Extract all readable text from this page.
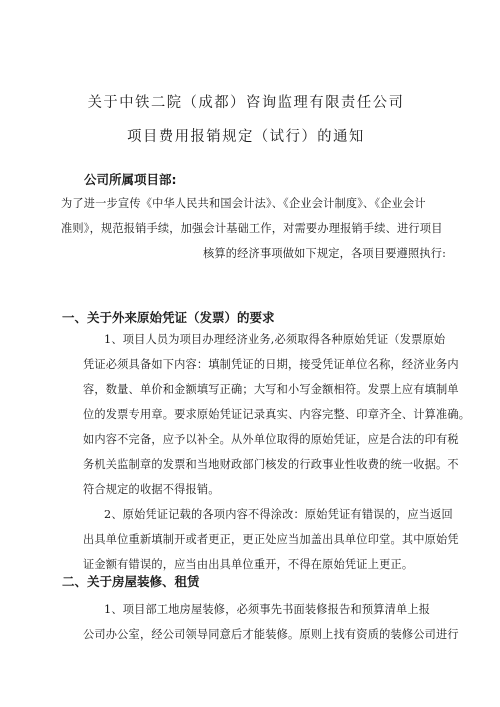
关于中铁二院（成都）咨询监理有限责任公司
项目费用报销规定（试行）的通知
公司所属项目部:
为了进一步宣传《中华人民共和国会计法》、《企业会计制度》、《企业会计
准则》，规范报销手续，加强会计基础工作，对需要办理报销手续、进行项目
核算的经济事项做如下规定，各项目要遵照执行:
一、关于外来原始凭证（发票）的要求
1、项目人员为项目办理经济业务,必须取得各种原始凭证（发票原始
凭证必须具备如下内容：填制凭证的日期，接受凭证单位名称，经济业务内
容，数量、单价和金额填写正确；大写和小写金额相符。发票上应有填制单
位的发票专用章。要求原始凭证记录真实、内容完整、印章齐全、计算准确。
如内容不完备，应予以补全。从外单位取得的原始凭证，应是合法的印有税
务机关监制章的发票和当地财政部门核发的行政事业性收费的统一收据。不
符合规定的收据不得报销。
2、原始凭证记载的各项内容不得涂改：原始凭证有错误的，应当返回
出具单位重新填制开或者更正，更正处应当加盖出具单位印堂。其中原始凭
证金额有错误的，应当由出具单位重开，不得在原始凭证上更正。
二、关于房屋装修、租赁
1、项目部工地房屋装修，必须事先书面装修报告和预算清单上报
公司办公室，经公司领导同意后才能装修。原则上找有资质的装修公司进行
